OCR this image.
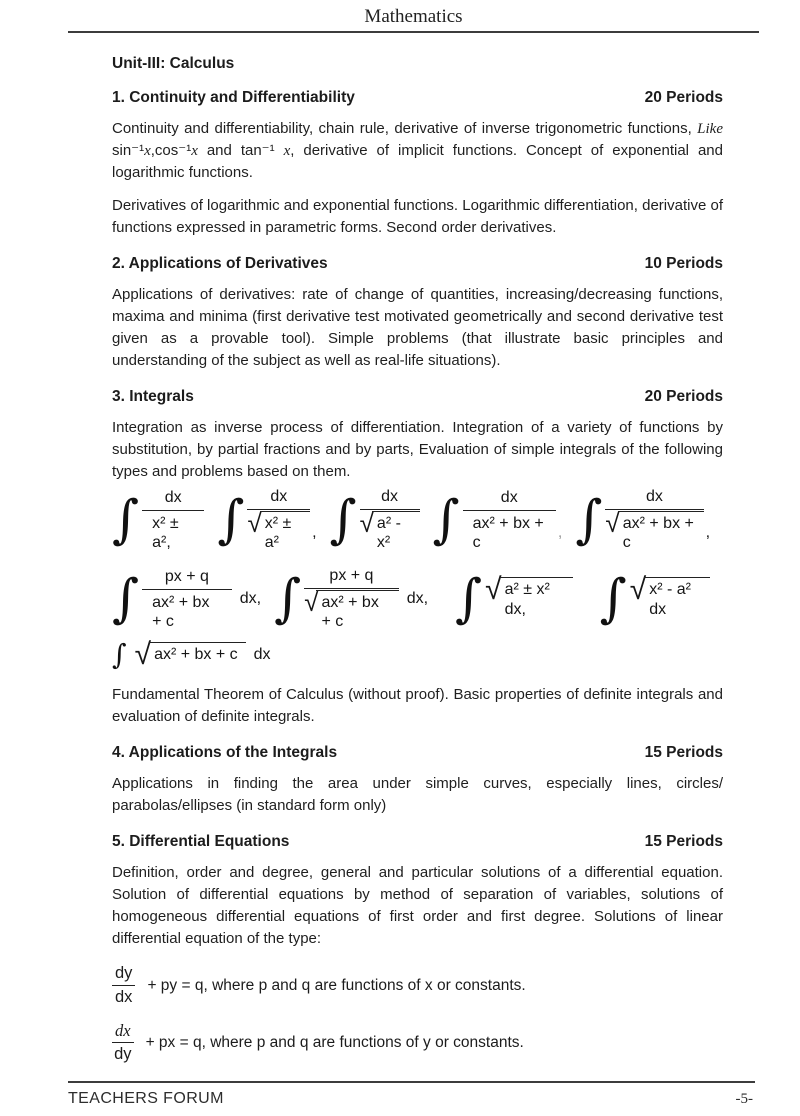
Mathematics
Unit-III: Calculus
1. Continuity and Differentiability	20 Periods
Continuity and differentiability, chain rule, derivative of inverse trigonometric functions, Like sin⁻¹x,cos⁻¹x and tan⁻¹ x, derivative of implicit functions. Concept of exponential and logarithmic functions.
Derivatives of logarithmic and exponential functions. Logarithmic differentiation, derivative of functions expressed in parametric forms. Second order derivatives.
2. Applications of Derivatives	10 Periods
Applications of derivatives: rate of change of quantities, increasing/decreasing functions, maxima and minima (first derivative test motivated geometrically and second derivative test given as a provable tool). Simple problems (that illustrate basic principles and understanding of the subject as well as real-life situations).
3. Integrals	20 Periods
Integration as inverse process of differentiation. Integration of a variety of functions by substitution, by partial fractions and by parts, Evaluation of simple integrals of the following types and problems based on them.
∫ $\frac{dx}{\text{x² ± a²,}}$ ∫ $\frac{dx}{\text{√ x² ± a²}}$ , ∫ $\frac{dx}{\text{√ a² - x²}}$ ∫ $\frac{dx}{\text{ax² + bx + c}}$ , ∫ $\frac{dx}{\text{√ ax² + bx + c}}$ ,
∫ $\frac{px + q}{\text{ax² + bx + c}}$ dx, ∫ $\frac{px + q}{\text{√ ax² + bx + c}}$ dx, ∫ √ a² ± x² dx,	∫ √ x² - a² dx
∫ √ ax² + bx + c	dx
Fundamental Theorem of Calculus (without proof). Basic properties of definite integrals and evaluation of definite integrals.
4. Applications of the Integrals	15 Periods
Applications in finding the area under simple curves, especially lines, circles/ parabolas/ellipses (in standard form only)
5. Differential Equations	15 Periods
Definition, order and degree, general and particular solutions of a differential equation. Solution of differential equations by method of separation of variables, solutions of homogeneous differential equations of first order and first degree. Solutions of linear differential equation of the type:
$\frac{dy}{dx}$ + py = q, where p and q are functions of x or constants.
$\frac{dx}{dy}$ + px = q, where p and q are functions of y or constants.
TEACHERS FORUM	-5-
